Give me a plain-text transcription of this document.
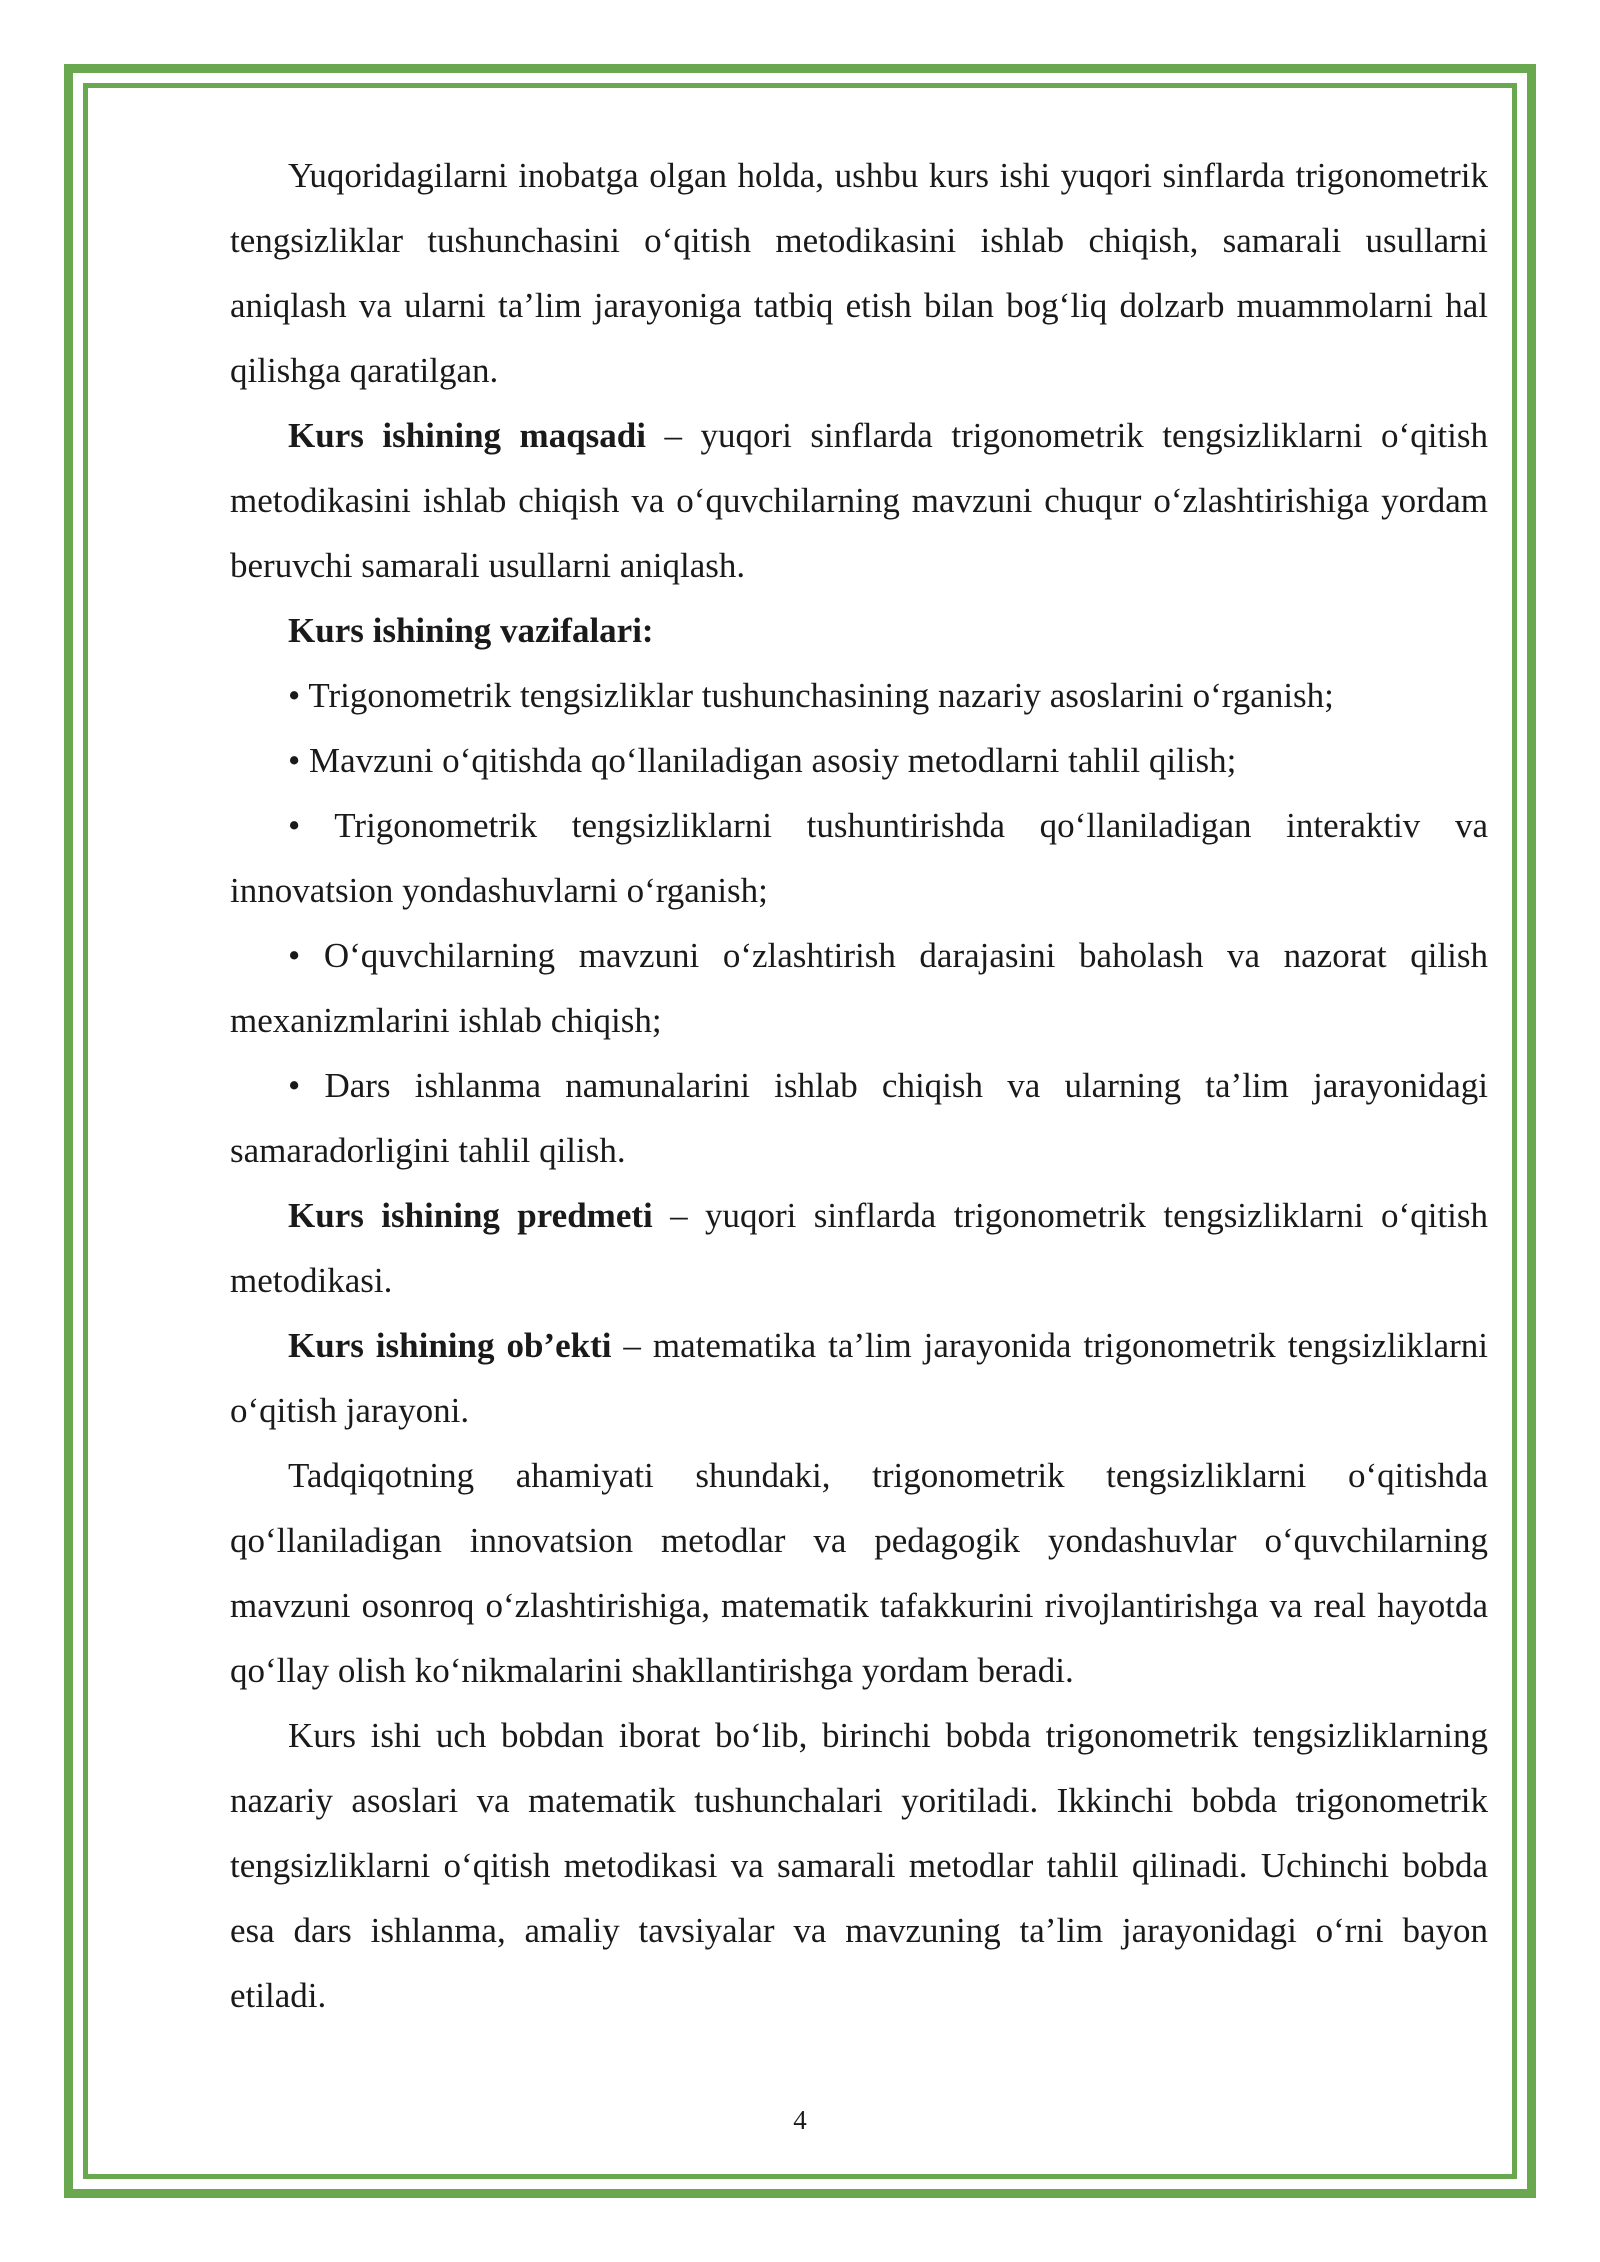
Yuqoridagilarni inobatga olgan holda, ushbu kurs ishi yuqori sinflarda trigonometrik tengsizliklar tushunchasini o‘qitish metodikasini ishlab chiqish, samarali usullarni aniqlash va ularni ta’lim jarayoniga tatbiq etish bilan bog‘liq dolzarb muammolarni hal qilishga qaratilgan.

Kurs ishining maqsadi – yuqori sinflarda trigonometrik tengsizliklarni o‘qitish metodikasini ishlab chiqish va o‘quvchilarning mavzuni chuqur o‘zlashtirishiga yordam beruvchi samarali usullarni aniqlash.

Kurs ishining vazifalari:

• Trigonometrik tengsizliklar tushunchasining nazariy asoslarini o‘rganish;

• Mavzuni o‘qitishda qo‘llaniladigan asosiy metodlarni tahlil qilish;

• Trigonometrik tengsizliklarni tushuntirishda qo‘llaniladigan interaktiv va innovatsion yondashuvlarni o‘rganish;

• O‘quvchilarning mavzuni o‘zlashtirish darajasini baholash va nazorat qilish mexanizmlarini ishlab chiqish;

• Dars ishlanma namunalarini ishlab chiqish va ularning ta’lim jarayonidagi samaradorligini tahlil qilish.

Kurs ishining predmeti – yuqori sinflarda trigonometrik tengsizliklarni o‘qitish metodikasi.

Kurs ishining ob’ekti – matematika ta’lim jarayonida trigonometrik tengsizliklarni o‘qitish jarayoni.

Tadqiqotning ahamiyati shundaki, trigonometrik tengsizliklarni o‘qitishda qo‘llaniladigan innovatsion metodlar va pedagogik yondashuvlar o‘quvchilarning mavzuni osonroq o‘zlashtirishiga, matematik tafakkurini rivojlantirishga va real hayotda qo‘llay olish ko‘nikmalarini shakllantirishga yordam beradi.

Kurs ishi uch bobdan iborat bo‘lib, birinchi bobda trigonometrik tengsizliklarning nazariy asoslari va matematik tushunchalari yoritiladi. Ikkinchi bobda trigonometrik tengsizliklarni o‘qitish metodikasi va samarali metodlar tahlil qilinadi. Uchinchi bobda esa dars ishlanma, amaliy tavsiyalar va mavzuning ta’lim jarayonidagi o‘rni bayon etiladi.

4
